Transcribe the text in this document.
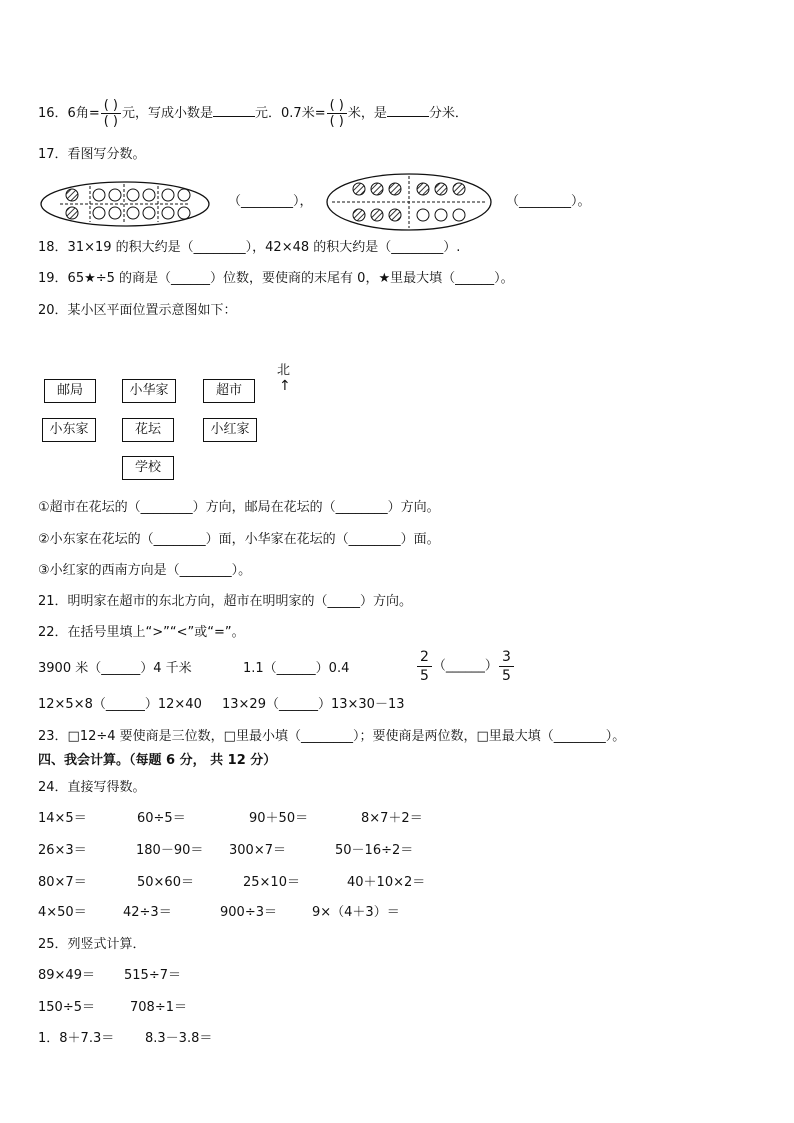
16．6角= $\frac{( )}{( )}$ 元，写成小数是	元．0.7米= $\frac{( )}{( )}$ 米，是	分米．
17．看图写分数。
（________），	（________）。
18．31×19 的积大约是（________），42×48 的积大约是（________）.
19．65★÷5 的商是（______）位数，要使商的末尾有 0，★里最大填（______）。
20．某小区平面位置示意图如下：
北
↑
邮局	小华家	超市
小东家	花坛	小红家
学校
①超市在花坛的（________）方向，邮局在花坛的（________）方向。
②小东家在花坛的（________）面，小华家在花坛的（________）面。
③小红家的西南方向是（________）。
21．明明家在超市的东北方向，超市在明明家的（_____）方向。
22．在括号里填上“>”“<”或“=”。
3900 米（______）4 千米	1.1（______）0.4	$\frac{2}{5}$ （______） $\frac{3}{5}$
12×5×8（______）12×40 13×29（______）13×30－13
23．□12÷4 要使商是三位数，□里最小填（________）；要使商是两位数，□里最大填（________）。
四、我会计算。（每题 6 分， 共 12 分）
24．直接写得数。
14×5＝	60÷5＝	90＋50＝	8×7＋2＝
26×3＝	180－90＝ 300×7＝	50－16÷2＝
80×7＝	50×60＝	25×10＝	40＋10×2＝
4×50＝	42÷3＝	900÷3＝	9×（4＋3）＝
25．列竖式计算．
89×49＝ 515÷7＝
150÷5＝	708÷1＝
1．8＋7.3＝ 8.3－3.8＝
